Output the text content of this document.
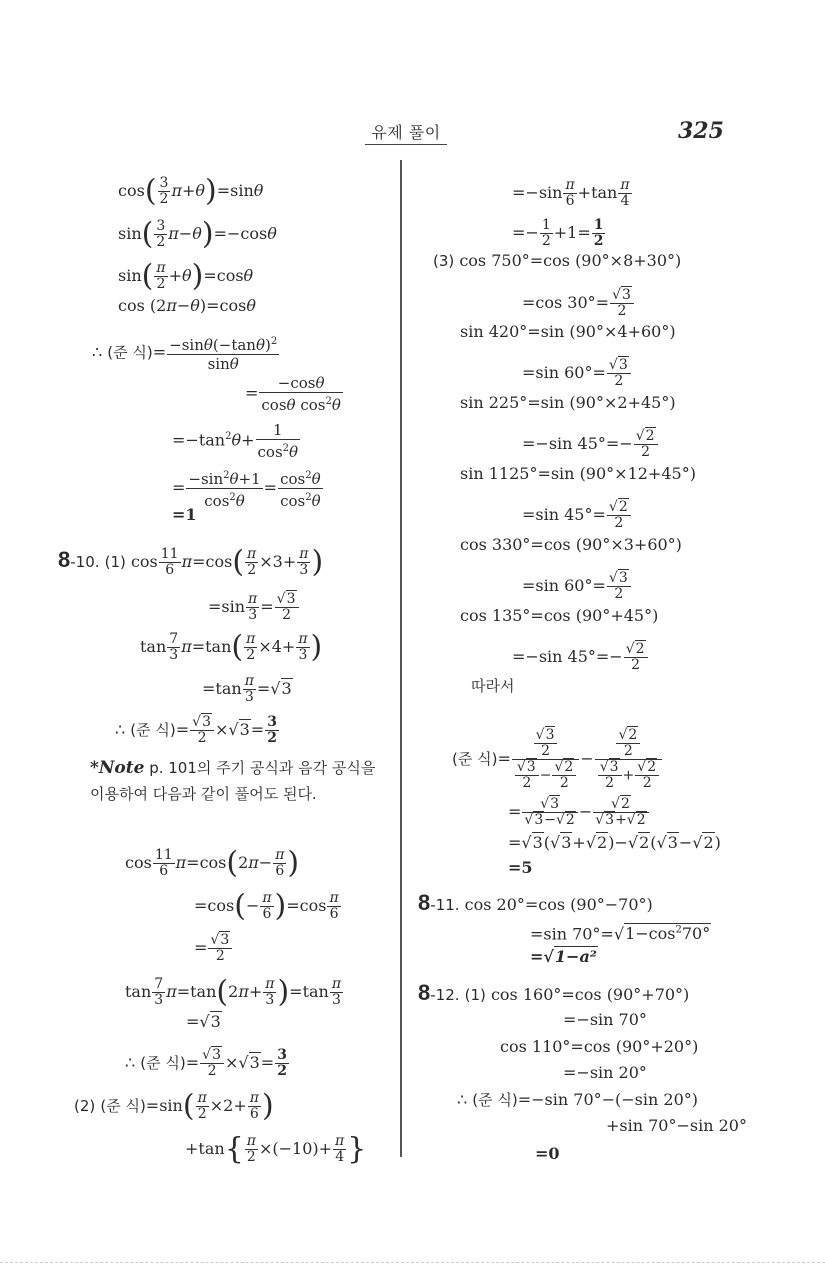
유제 풀이	325
$\cos( \frac{3}{2} \pi+\theta)=\sin\theta$
$\sin( \frac{3}{2} \pi-\theta)=-\cos\theta$
$\sin( \frac{\pi}{2} +\theta)=\cos\theta$
cos (2π−θ)=cosθ
∴ (준 식)= $\frac{-\sin\theta(-\tan\theta)^2}{\sin\theta}$
= $\frac{-\cos\theta}{\cos\theta \cos^2\theta}$
$=-\tan^2\theta+ \frac{1}{\cos^2\theta}$
= $\frac{-\sin^2\theta+1}{\cos^2\theta} = \frac{\cos^2\theta}{\cos^2\theta}$
=1
8-10. (1) $\cos \frac{11}{6} \pi=\cos( \frac{\pi}{2} \times 3+ \frac{\pi}{3}$ )
$=\sin \frac{\pi}{3} = \frac{√3}{2}$
$\tan \frac{7}{3} \pi=\tan( \frac{\pi}{2} \times 4+ \frac{\pi}{3}$ )
$=\tan \frac{\pi}{3} =√3$
∴ (준 식)= $\frac{√3}{2} \times√3= \frac{3}{2}$
*Note p. 101의 주기 공식과 음각 공식을 이용하여 다음과 같이 풀어도 된다.
$\cos \frac{11}{6} \pi=\cos(2\pi- \frac{\pi}{6}$ )
$=\cos(- \frac{\pi}{6} )=\cos \frac{\pi}{6}$
= $\frac{√3}{2}$
$\tan \frac{7}{3} \pi=\tan(2\pi+ \frac{\pi}{3} )=\tan \frac{\pi}{3}$
=√3
∴ (준 식)= $\frac{√3}{2} \times√3= \frac{3}{2}$
(2) (준 식)$=\sin( \frac{\pi}{2} \times 2+ \frac{\pi}{6}$ )
$+\tan\{ \frac{\pi}{2} \times(-10)+ \frac{\pi}{4}$ }
$=-\sin \frac{\pi}{6} +\tan \frac{\pi}{4}$
=− $\frac{1}{2} +1= \frac{1}{2}$
(3) cos 750°=cos (90°×8+30°)
=cos $30^\circ= \frac{√3}{2}$
sin 420°=sin (90°×4+60°)
=sin $60^\circ= \frac{√3}{2}$
sin 225°=sin (90°×2+45°)
=−sin $45^\circ=- \frac{√2}{2}$
sin 1125°=sin (90°×12+45°)
=sin $45^\circ= \frac{√2}{2}$
cos 330°=cos (90°×3+60°)
=sin $60^\circ= \frac{√3}{2}$
cos 135°=cos (90°+45°)
=−sin $45^\circ=- \frac{√2}{2}$
따라서
(준 식)= $\frac{\frac{√3}{2}}{\frac{√3}{2} - \frac{√2}{2}} - \frac{\frac{√2}{2}}{\frac{√3}{2} + \frac{√2}{2}}$
= $\frac{√3}{√3-√2} - \frac{√2}{√3+√2}$
=√3(√3+√2)−√2(√3−√2)
=5
8-11. cos 20°=cos (90°−70°)
=sin $70^\circ=√1-\cos^270^\circ$
=√1−a²
8-12. (1) cos 160°=cos (90°+70°)
=−sin 70°
cos 110°=cos (90°+20°)
=−sin 20°
∴ (준 식)=−sin 70°−(−sin 20°)
+sin 70°−sin 20°
=0
